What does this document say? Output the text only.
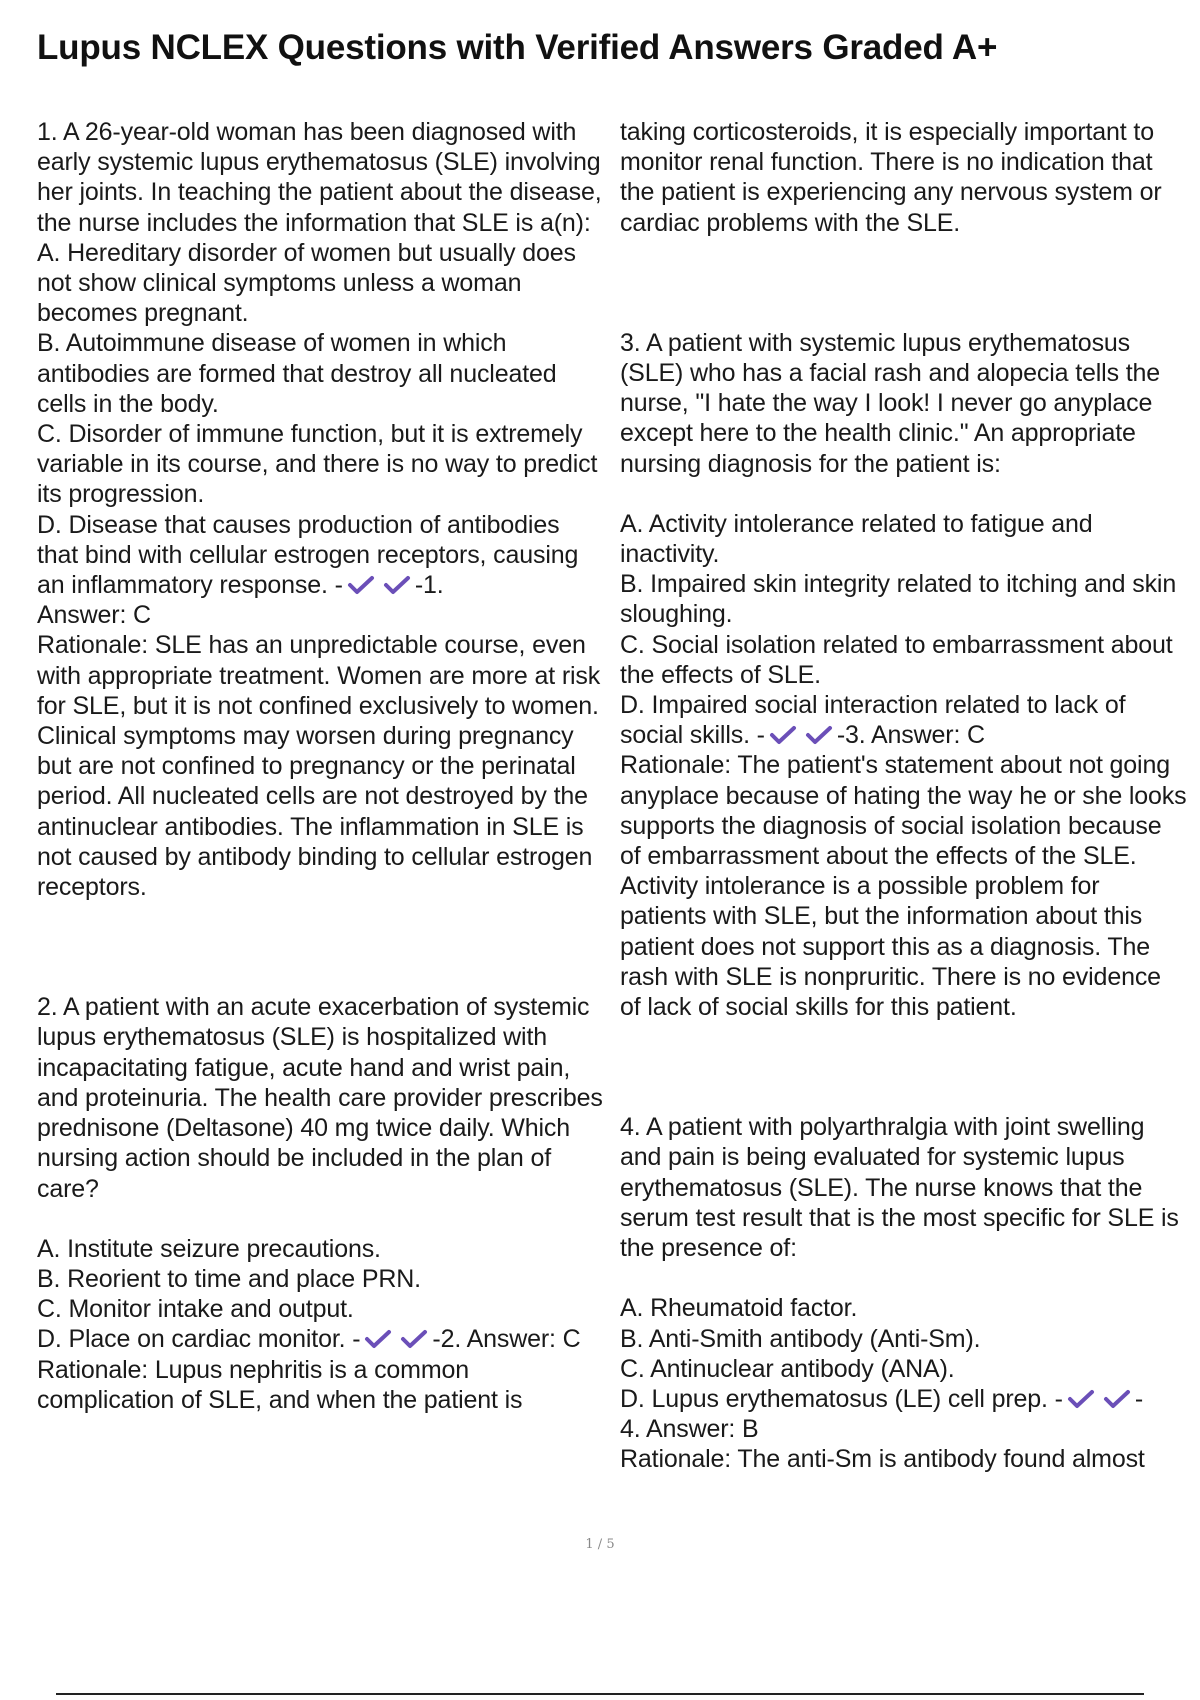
Lupus NCLEX Questions with Verified Answers Graded A+

1. A 26-year-old woman has been diagnosed with early systemic lupus erythematosus (SLE) involving her joints. In teaching the patient about the disease, the nurse includes the information that SLE is a(n):

A. Hereditary disorder of women but usually does not show clinical symptoms unless a woman becomes pregnant.

B. Autoimmune disease of women in which antibodies are formed that destroy all nucleated cells in the body.

C. Disorder of immune function, but it is extremely variable in its course, and there is no way to predict its progression.

D. Disease that causes production of antibodies that bind with cellular estrogen receptors, causing an inflammatory response. -	-1.

Answer: C

Rationale: SLE has an unpredictable course, even with appropriate treatment. Women are more at risk for SLE, but it is not confined exclusively to women. Clinical symptoms may worsen during pregnancy but are not confined to pregnancy or the perinatal period. All nucleated cells are not destroyed by the antinuclear antibodies. The inflammation in SLE is not caused by antibody binding to cellular estrogen receptors.

2. A patient with an acute exacerbation of systemic lupus erythematosus (SLE) is hospitalized with incapacitating fatigue, acute hand and wrist pain, and proteinuria. The health care provider prescribes prednisone (Deltasone) 40 mg twice daily. Which nursing action should be included in the plan of care?

A. Institute seizure precautions.

B. Reorient to time and place PRN.

C. Monitor intake and output.

D. Place on cardiac monitor. -	-2. Answer: C

Rationale: Lupus nephritis is a common complication of SLE, and when the patient is

taking corticosteroids, it is especially important to monitor renal function. There is no indication that the patient is experiencing any nervous system or cardiac problems with the SLE.

3. A patient with systemic lupus erythematosus (SLE) who has a facial rash and alopecia tells the nurse, "I hate the way I look! I never go anyplace except here to the health clinic." An appropriate nursing diagnosis for the patient is:

A. Activity intolerance related to fatigue and inactivity.

B. Impaired skin integrity related to itching and skin sloughing.

C. Social isolation related to embarrassment about the effects of SLE.

D. Impaired social interaction related to lack of social skills. -	-3. Answer: C

Rationale: The patient's statement about not going anyplace because of hating the way he or she looks supports the diagnosis of social isolation because of embarrassment about the effects of the SLE. Activity intolerance is a possible problem for patients with SLE, but the information about this patient does not support this as a diagnosis. The rash with SLE is nonpruritic. There is no evidence of lack of social skills for this patient.

4. A patient with polyarthralgia with joint swelling and pain is being evaluated for systemic lupus erythematosus (SLE). The nurse knows that the serum test result that is the most specific for SLE is the presence of:

A. Rheumatoid factor.

B. Anti-Smith antibody (Anti-Sm).

C. Antinuclear antibody (ANA).

D. Lupus erythematosus (LE) cell prep. -	-

4. Answer: B

Rationale: The anti-Sm is antibody found almost

1 / 5
